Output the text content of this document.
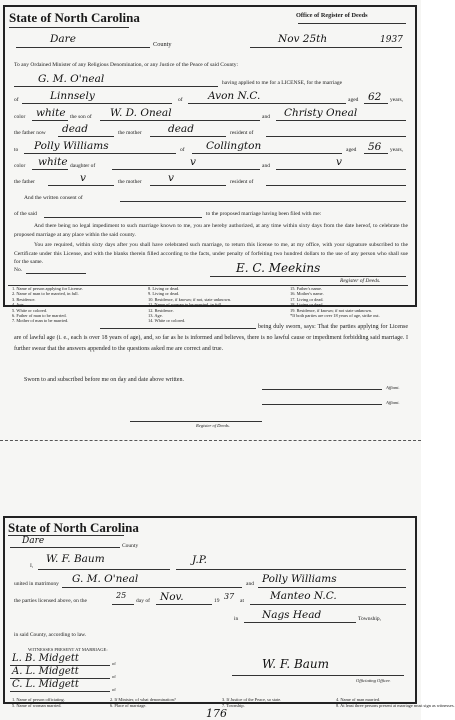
State of North Carolina	Office of Register of Deeds
Dare	County	Nov 25th	1937
To any Ordained Minister of any Religious Denomination, or any Justice of the Peace of said County:
G. M. O'neal	having applied to me for a LICENSE, for the marriage
of	Linnsely	of Avon N.C.	aged 62 years,
color white the son of W. D. Oneal	and Christy Oneal
the father now dead	the mother	dead	resident of
to Polly Williams	of Collington	aged 56 years,
color white daughter of	v	and	v
the father	v	the mother	v	resident of
And the written consent of
of the said	to the proposed marriage having been filed with me:
And there being no legal impediment to such marriage known to me, you are hereby authorized, at any time within sixty days from the date hereof, to celebrate the proposed marriage at any place within the said county.
You are required, within sixty days after you shall have celebrated such marriage, to return this license to me, at my office, with your signature subscribed to the Certificate under this License, and with the blanks therein filled according to the facts, under penalty of forfeiting two hundred dollars to the use of any person who shall sue for the same.
No.	E. C. Meekins
Register of Deeds.
being duly sworn, says: That the parties applying for License are of lawful age (i. e., each is over 18 years of age), and, so far as he is informed and believes, there is no lawful cause or impediment forbidding said marriage. I further swear that the answers appended to the questions asked me are correct and true.
Sworn to and subscribed before me on day and date above written.
Affiant.
Affiant.
Register of Deeds.
State of North Carolina
Dare	County
I,
W. F. Baum	J.P.
united in matrimony G. M. O'neal	and Polly Williams
the parties licensed above, on the
25
day of Nov.	19 37 at Manteo N.C.
in Nags Head	Township,
in said County, according to law.
WITNESSES PRESENT AT MARRIAGE:
L. B. Midgett	of
A. L. Midgett	of
C. L. Midgett	of
W. F. Baum
Officiating Officer.
176
1. Name of person applying for License.
2. Name of man to be married, in full.
3. Residence.
4. Age.
5. White or colored.
6. Father of man to be married.
7. Mother of man to be married.
8. Living or dead.
9. Living or dead.
10. Residence, if known; if not, state unknown.
11. Name of woman to be married, in full.
12. Residence.
13. Age.
14. White or colored.
15. Father's name.
16. Mother's name.
17. Living or dead.
18. Living or dead.
19. Residence, if known; if not state unknown.
*If both parties are over 18 years of age, strike out.
1. Name of person officiating.	2. If Minister, of what denomination?	3. If Justice of the Peace, so state.	4. Name of man married.
5. Name of woman married.	6. Place of marriage.	7. Township.	8. At least three persons present at marriage must sign as witnesses.
